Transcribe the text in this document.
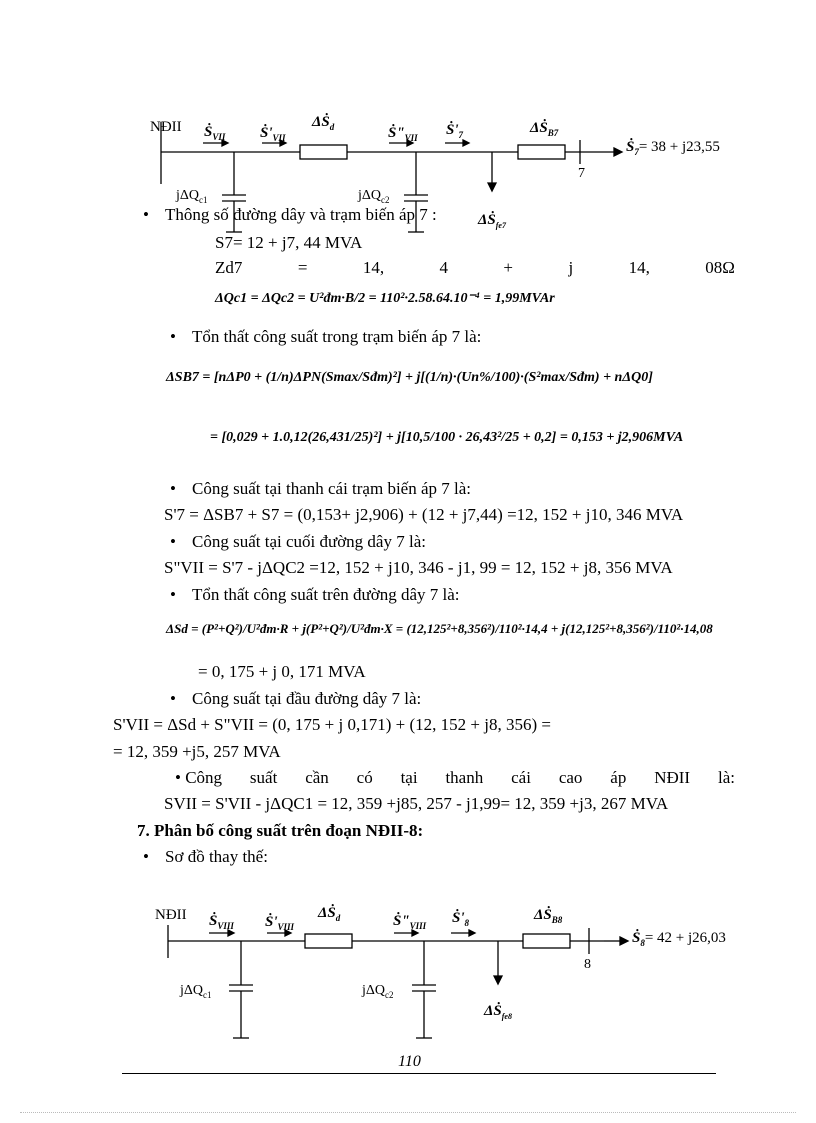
NĐII Ṡ$_{VII}$ $Ṡ'_{VII}$
ΔṠ$_d$	$Ṡ"_{VII}$ $Ṡ'_7$	ΔṠ$_{B7}$
Ṡ$_7$= 38 + j23,55
7
jΔQ$_{c1}$	jΔQ$_{c2}$
ΔṠ$_{fe7}$
• Thông số đường dây và trạm biến áp 7 :
S7= 12 + j7, 44 MVA
Zd7	=	14,	4	+	j	14,	08Ω
ΔQc1 = ΔQc2 = U²đm·B/2 = 110²·2.58.64.10⁻⁴ = 1,99MVAr
• Tổn thất công suất trong trạm biến áp 7 là:
ΔSB7 = [nΔP0 + (1/n)ΔPN(Smax/Sđm)²] + j[(1/n)·(Un%/100)·(S²max/Sđm) + nΔQ0]
= [0,029 + 1.0,12(26,431/25)²] + j[10,5/100 · 26,43²/25 + 0,2] = 0,153 + j2,906MVA
• Công suất tại thanh cái trạm biến áp 7 là:
S'7 = ΔSB7 + S7 = (0,153+ j2,906) + (12 + j7,44) =12, 152 + j10, 346 MVA
• Công suất tại cuối đường dây 7 là:
S"VII = S'7 - jΔQC2 =12, 152 + j10, 346 - j1, 99 = 12, 152 + j8, 356 MVA
• Tổn thất công suất trên đường dây 7 là:
ΔSd = (P²+Q²)/U²đm·R + j(P²+Q²)/U²đm·X = (12,125²+8,356²)/110²·14,4 + j(12,125²+8,356²)/110²·14,08
= 0, 175 + j 0, 171 MVA
• Công suất tại đầu đường dây 7 là:
S'VII = ΔSd + S"VII = (0, 175 + j 0,171) + (12, 152 + j8, 356) =
= 12, 359 +j5, 257 MVA
• Công suất cần có tại thanh cái cao áp NĐII là:
SVII = S'VII - jΔQC1 = 12, 359 +j85, 257 - j1,99= 12, 359 +j3, 267 MVA
7. Phân bố công suất trên đoạn NĐII-8:
• Sơ đồ thay thế:
NĐII Ṡ$_{VIII}$ $Ṡ'_{VIII}$
ΔṠ$_d$	$Ṡ"_{VIII}$ $Ṡ'_8$	ΔṠ$_{B8}$
Ṡ$_8$= 42 + j26,03
8
jΔQ$_{c1}$	jΔQ$_{c2}$
ΔṠ$_{fe8}$
110
